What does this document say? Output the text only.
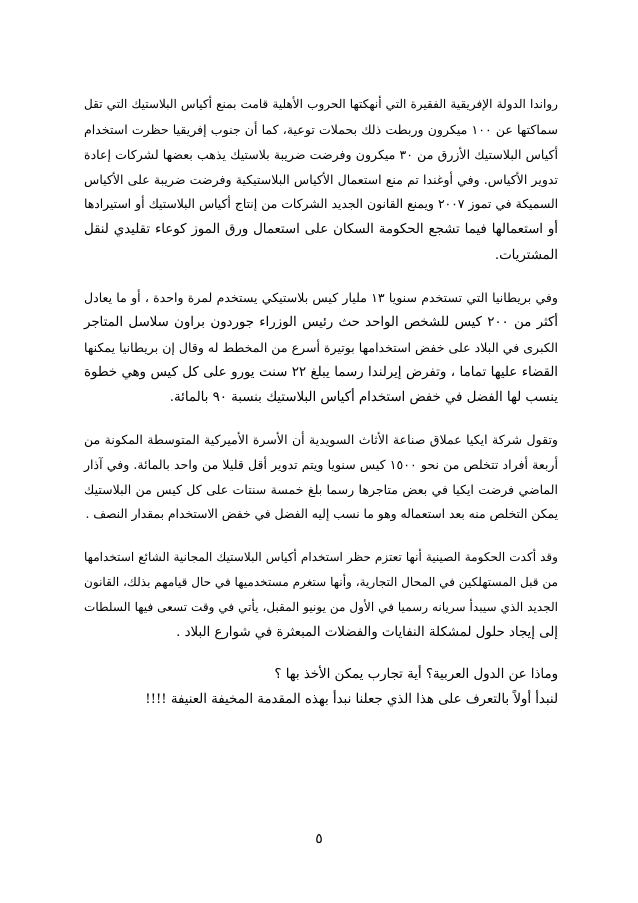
رواندا الدولة الإفريقية الفقيرة التي أنهكتها الحروب الأهلية قامت بمنع أكياس البلاستيك التي تقل
سماكتها عن ١٠٠ ميكرون وربطت ذلك بحملات توعية، كما أن جنوب إفريقيا حظرت استخدام
أكياس البلاستيك الأزرق من ٣٠ ميكرون وفرضت ضريبة بلاستيك يذهب بعضها لشركات إعادة
تدوير الأكياس. وفي أوغندا تم منع استعمال الأكياس البلاستيكية وفرضت ضريبة على الأكياس
السميكة في تموز ٢٠٠٧ ويمنع القانون الجديد الشركات من إنتاج أكياس البلاستيك أو استيرادها
أو استعمالها فيما تشجع الحكومة السكان على استعمال ورق الموز كوعاء تقليدي لنقل
المشتريات.

وفي بريطانيا التي تستخدم سنويا ١٣ مليار كيس بلاستيكي يستخدم لمرة واحدة ، أو ما يعادل
أكثر من ٢٠٠ كيس للشخص الواحد حث رئيس الوزراء جوردون براون سلاسل المتاجر
الكبرى في البلاد على خفض استخدامها بوتيرة أسرع من المخطط له وقال إن بريطانيا يمكنها
القضاء عليها تماما ، وتفرض إيرلندا رسما يبلغ ٢٢ سنت يورو على كل كيس وهي خطوة
ينسب لها الفضل في خفض استخدام أكياس البلاستيك بنسبة ٩٠ بالمائة.

وتقول شركة ايكيا عملاق صناعة الأثاث السويدية أن الأسرة الأميركية المتوسطة المكونة من
أربعة أفراد تتخلص من نحو ١٥٠٠ كيس سنويا ويتم تدوير أقل قليلا من واحد بالمائة. وفي آذار
الماضي فرضت ايكيا في بعض متاجرها رسما بلغ خمسة سنتات على كل كيس من البلاستيك
يمكن التخلص منه بعد استعماله وهو ما نسب إليه الفضل في خفض الاستخدام بمقدار النصف .

وقد أكدت الحكومة الصينية أنها تعتزم حظر استخدام أكياس البلاستيك المجانية الشائع استخدامها
من قبل المستهلكين في المحال التجارية، وأنها ستغرم مستخدميها في حال قيامهم بذلك، القانون
الجديد الذي سيبدأ سريانه رسميا في الأول من يونيو المقبل، يأتي في وقت تسعى فيها السلطات
إلى إيجاد حلول لمشكلة النفايات والفضلات المبعثرة في شوارع البلاد .

وماذا عن الدول العربية؟ أية تجارب يمكن الأخذ بها ؟
لنبدأ أولاً بالتعرف على هذا الذي جعلنا نبدأ بهذه المقدمة المخيفة العنيفة !!!!

٥
